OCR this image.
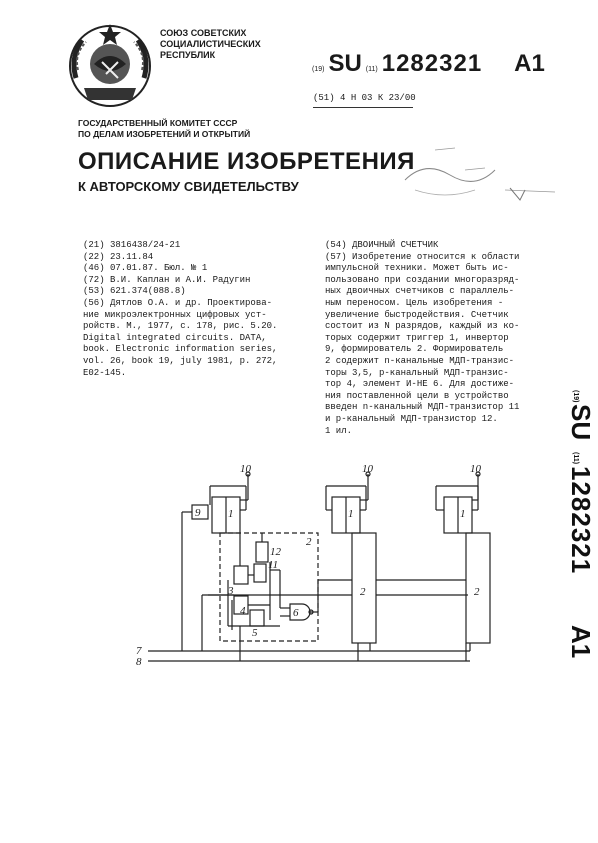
СОЮЗ СОВЕТСКИХ
СОЦИАЛИСТИЧЕСКИХ
РЕСПУБЛИК
(19) SU (11) 1282321 A1
(51) 4 Н 03 К 23/00
ГОСУДАРСТВЕННЫЙ КОМИТЕТ СССР
ПО ДЕЛАМ ИЗОБРЕТЕНИЙ И ОТКРЫТИЙ
ОПИСАНИЕ ИЗОБРЕТЕНИЯ
К АВТОРСКОМУ СВИДЕТЕЛЬСТВУ
(21) 3816438/24-21
(22) 23.11.84
(46) 07.01.87. Бюл. № 1
(72) В.И. Каплан и А.И. Радугин
(53) 621.374(088.8)
(56) Дятлов О.А. и др. Проектирова-
ние микроэлектронных цифровых уст-
ройств. М., 1977, с. 178, рис. 5.20.
Digital integrated circuits. DATA,
book. Electronic information series,
vol. 26, book 19, july 1981, p. 272,
E02-145.
(54) ДВОИЧНЫЙ СЧЕТЧИК
(57) Изобретение относится к области
импульсной техники. Может быть ис-
пользовано при создании многоразряд-
ных двоичных счетчиков с параллель-
ным переносом. Цель изобретения -
увеличение быстродействия. Счетчик
состоит из N разрядов, каждый из ко-
торых содержит триггер 1, инвертор
9, формирователь 2. Формирователь
2 содержит n-канальные МДП-транзис-
торы 3,5, p-канальный МДП-транзис-
тор 4, элемент И-НЕ 6. Для достиже-
ния поставленной цели в устройство
введен n-канальный МДП-транзистор 11
и p-канальный МДП-транзистор 12.
1 ил.
(19)
SU
(11)
1282321
A1
7
8
1
9
10
2
12
11
3
4
5
6
1
10
2
1
10
2
